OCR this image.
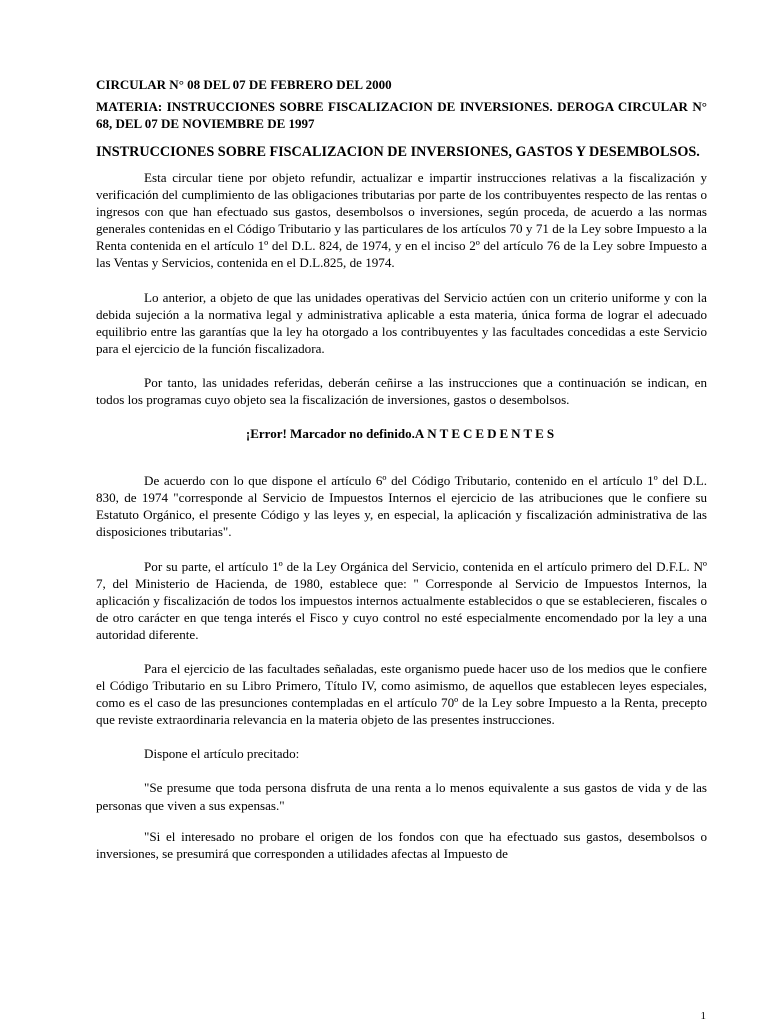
CIRCULAR N° 08 DEL 07 DE FEBRERO DEL 2000

MATERIA: INSTRUCCIONES SOBRE FISCALIZACION DE INVERSIONES. DEROGA CIRCULAR N° 68, DEL 07 DE NOVIEMBRE DE 1997

INSTRUCCIONES SOBRE FISCALIZACION DE INVERSIONES, GASTOS Y DESEMBOLSOS.

Esta circular tiene por objeto refundir, actualizar e impartir instrucciones relativas a la fiscalización y verificación del cumplimiento de las obligaciones tributarias por parte de los contribuyentes respecto de las rentas o ingresos con que han efectuado sus gastos, desembolsos o inversiones, según proceda, de acuerdo a las normas generales contenidas en el Código Tributario y las particulares de los artículos 70 y 71 de la Ley sobre Impuesto a la Renta contenida en el artículo 1º del D.L. 824, de 1974, y en el inciso 2º del artículo 76 de la Ley sobre Impuesto a las Ventas y Servicios, contenida en el D.L.825, de 1974.

Lo anterior, a objeto de que las unidades operativas del Servicio actúen con un criterio uniforme y con la debida sujeción a la normativa legal y administrativa aplicable a esta materia, única forma de lograr el adecuado equilibrio entre las garantías que la ley ha otorgado a los contribuyentes y las facultades concedidas a este Servicio para el ejercicio de la función fiscalizadora.

Por tanto, las unidades referidas, deberán ceñirse a las instrucciones que a continuación se indican, en todos los programas cuyo objeto sea la fiscalización de inversiones, gastos o desembolsos.

¡Error! Marcador no definido.ANTECEDENTES

De acuerdo con lo que dispone el artículo 6º del Código Tributario, contenido en el artículo 1º del D.L. 830, de 1974 "corresponde al Servicio de Impuestos Internos el ejercicio de las atribuciones que le confiere su Estatuto Orgánico, el presente Código y las leyes y, en especial, la aplicación y fiscalización administrativa de las disposiciones tributarias".

Por su parte, el artículo 1º de la Ley Orgánica del Servicio, contenida en el artículo primero del D.F.L. Nº 7, del Ministerio de Hacienda, de 1980, establece que: " Corresponde al Servicio de Impuestos Internos, la aplicación y fiscalización de todos los impuestos internos actualmente establecidos o que se establecieren, fiscales o de otro carácter en que tenga interés el Fisco y cuyo control no esté especialmente encomendado por la ley a una autoridad diferente.

Para el ejercicio de las facultades señaladas, este organismo puede hacer uso de los medios que le confiere el Código Tributario en su Libro Primero, Título IV, como asimismo, de aquellos que establecen leyes especiales, como es el caso de las presunciones contempladas en el artículo 70º de la Ley sobre Impuesto a la Renta, precepto que reviste extraordinaria relevancia en la materia objeto de las presentes instrucciones.

Dispone el artículo precitado:

"Se presume que toda persona disfruta de una renta a lo menos equivalente a sus gastos de vida y de las personas que viven a sus expensas."

"Si el interesado no probare el origen de los fondos con que ha efectuado sus gastos, desembolsos o inversiones, se presumirá que corresponden a utilidades afectas al Impuesto de

1
